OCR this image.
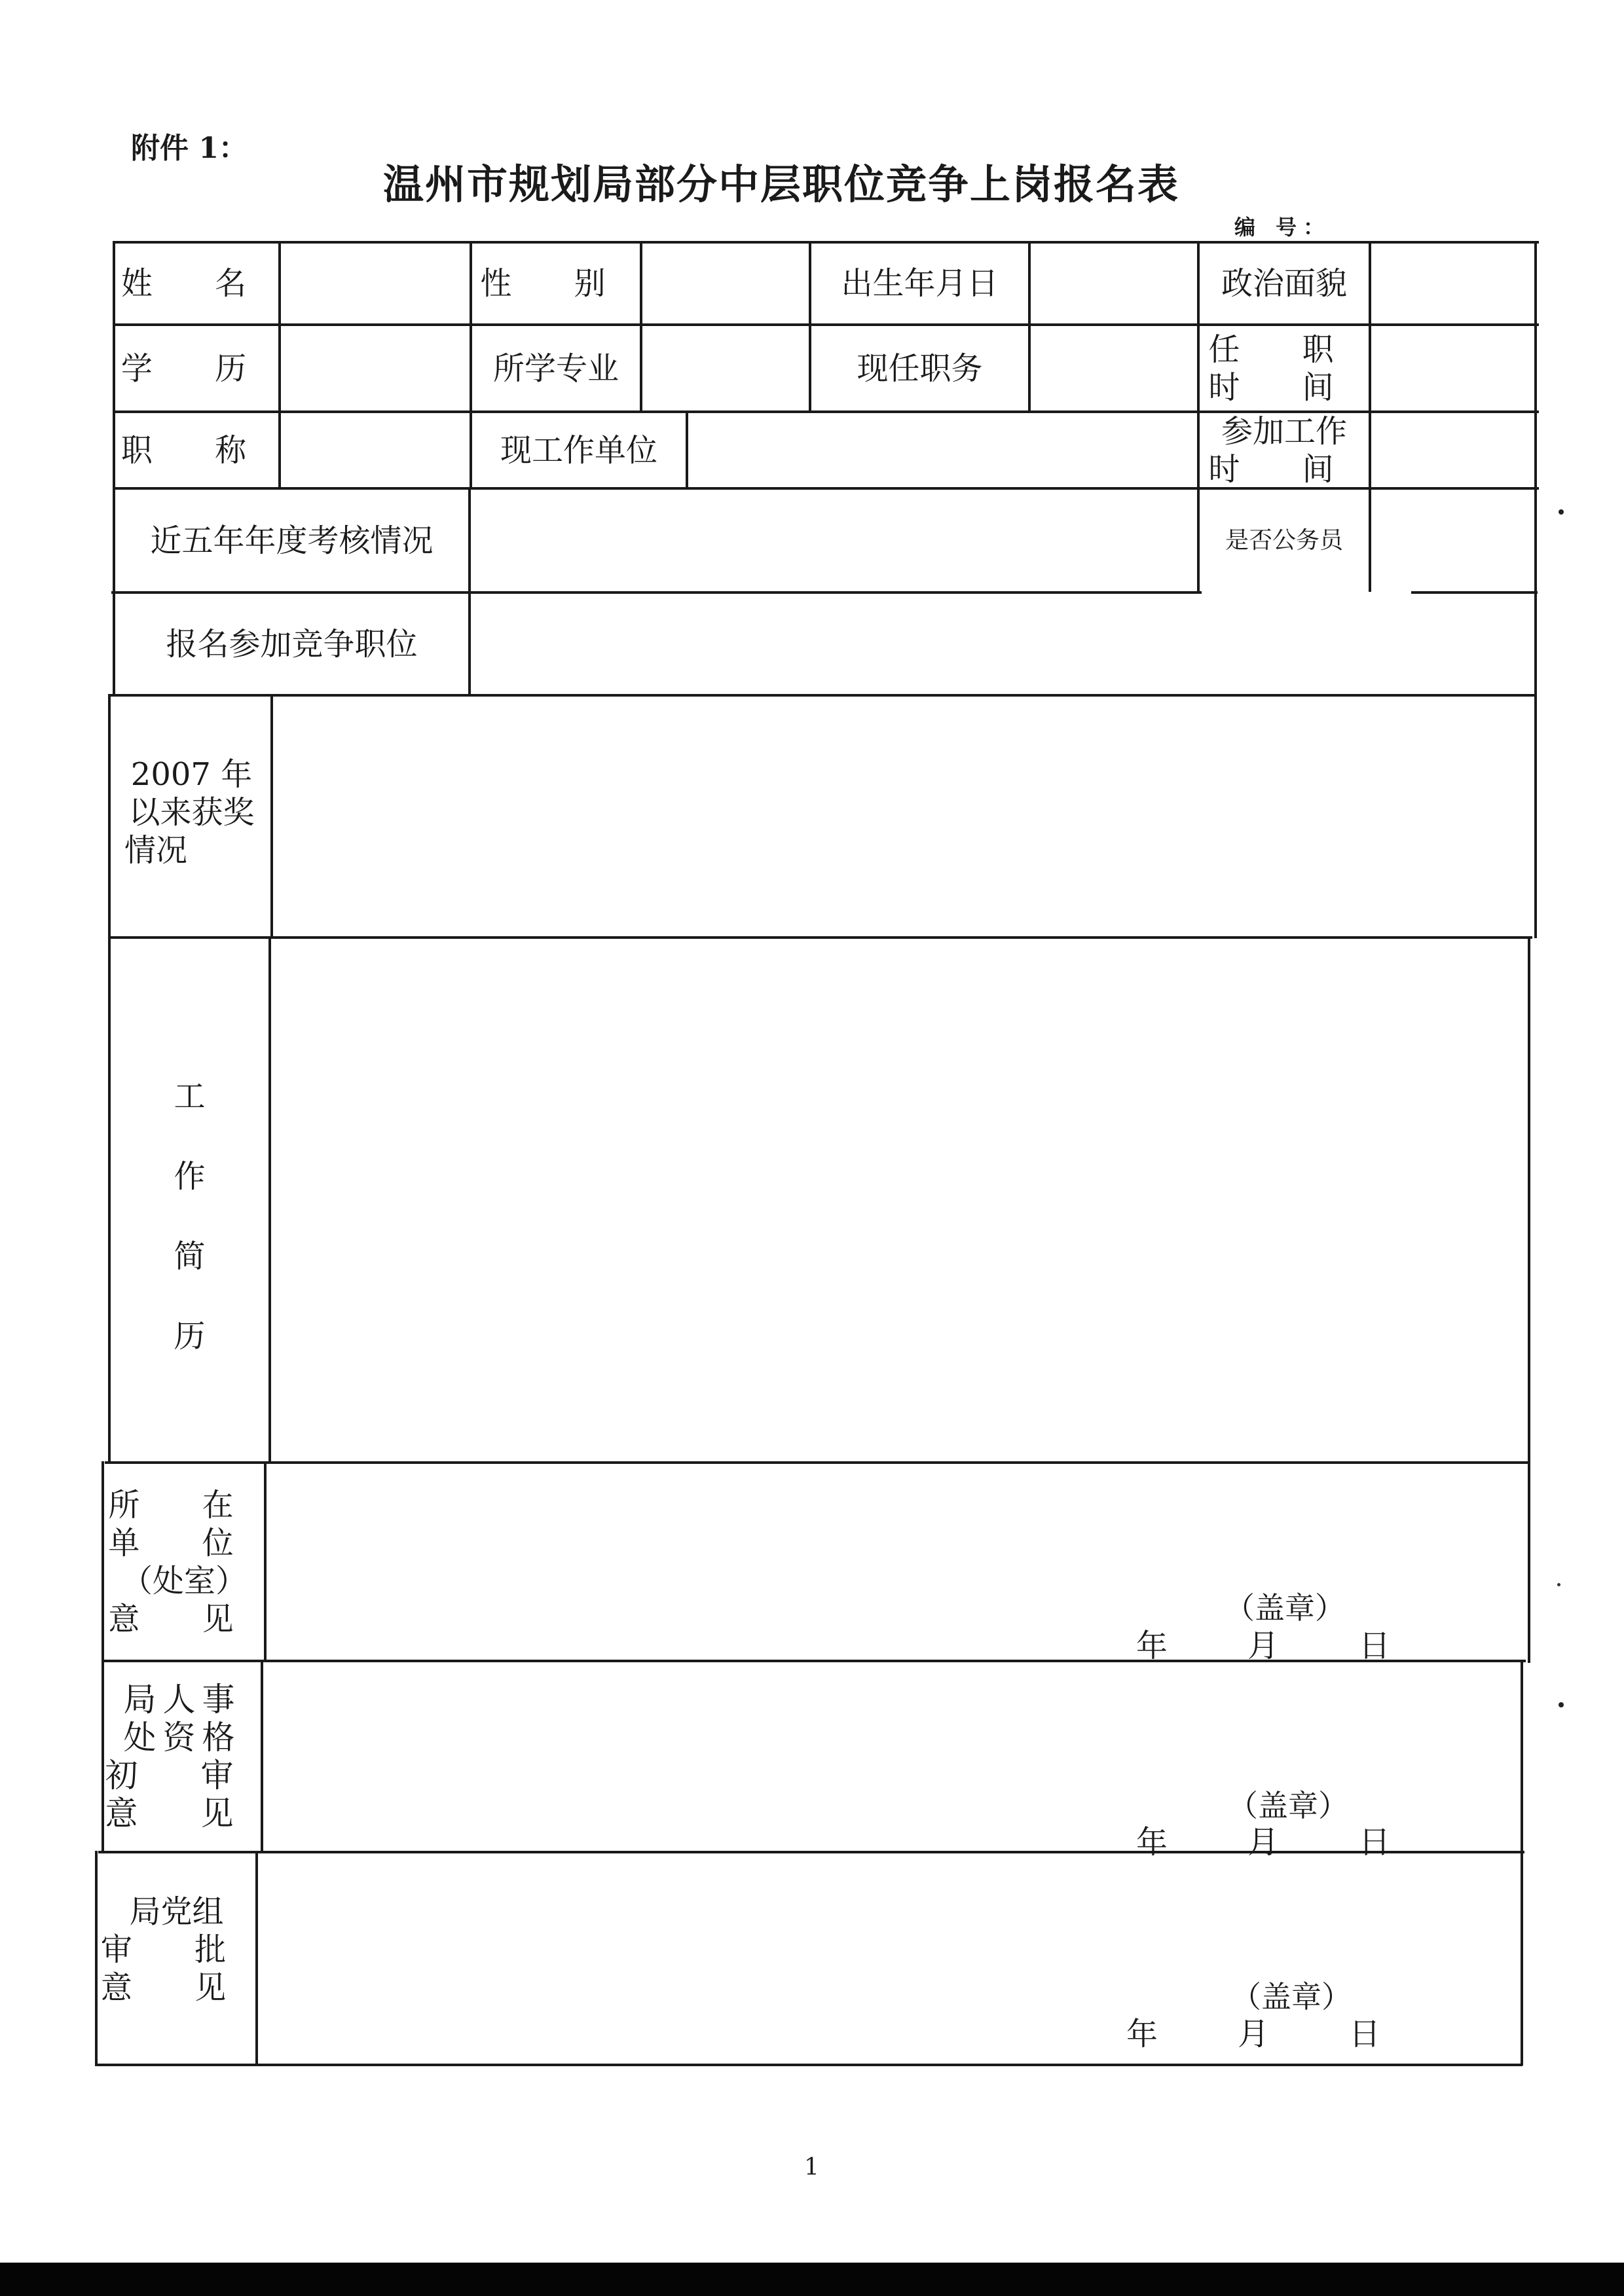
附件 1：
温州市规划局部分中层职位竞争上岗报名表
编 号：
姓 名	性 别	出生年月日	政治面貌
学 历	所学专业	现任职务
任 职
时 间
职 称	现工作单位
参加工作
时 间
近五年年度考核情况	是否公务员
报名参加竞争职位
2007 年
以来获奖
情况
工
作
简
历
所 在
单 位
（处室）
意 见	（盖章）
年	月	日
局人事
处资格
初 审
意 见	（盖章）
年	月	日
局党组
审 批
意 见	（盖章）
年	月	日
1
